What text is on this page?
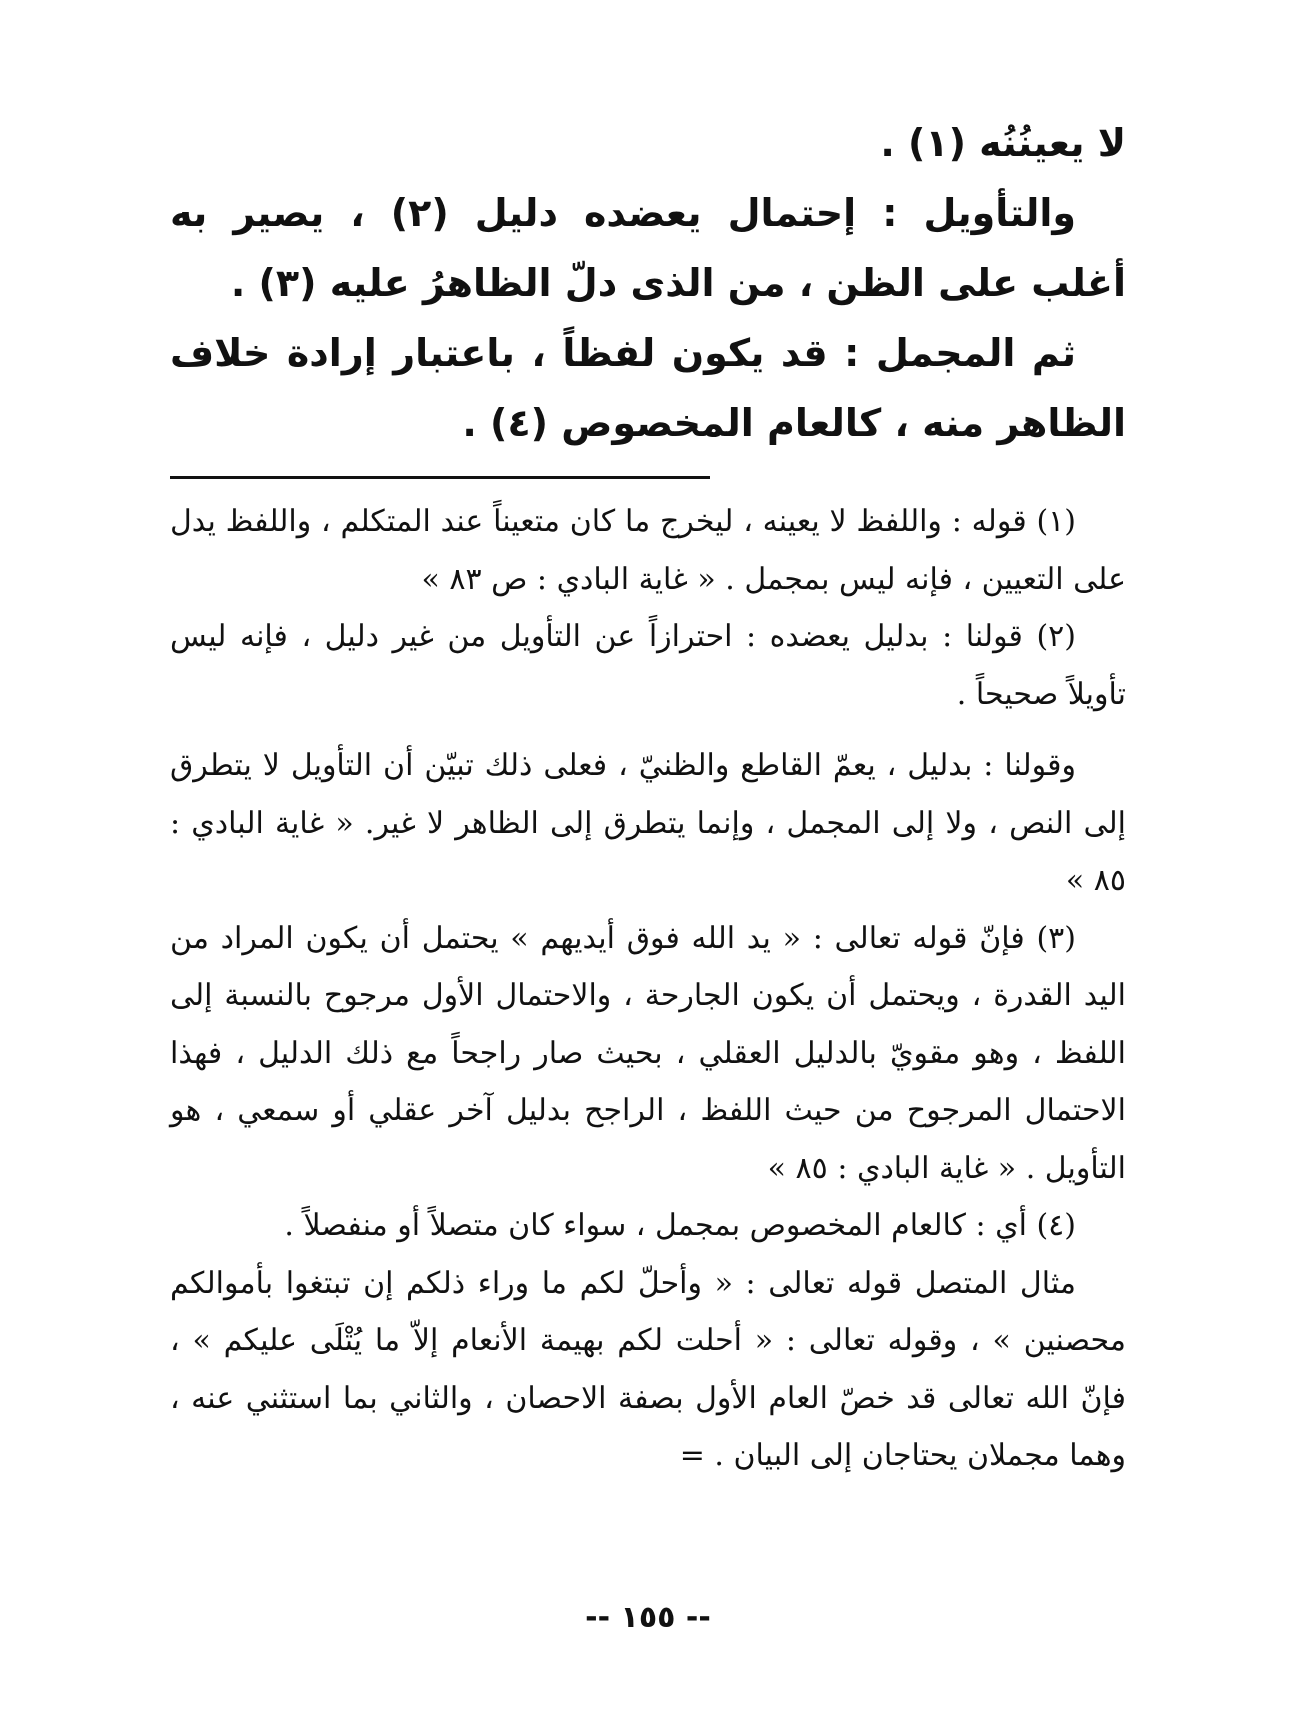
لا يعينُنُه (١) .

والتأويل : إحتمال يعضده دليل (٢) ، يصير به أغلب على الظن ، من الذى دلّ الظاهرُ عليه (٣) .

ثم المجمل : قد يكون لفظاً ، باعتبار إرادة خلاف الظاهر منه ، كالعام المخصوص (٤) .

(١) قوله : واللفظ لا يعينه ، ليخرج ما كان متعيناً عند المتكلم ، واللفظ يدل على التعيين ، فإنه ليس بمجمل . « غاية البادي : ص ٨٣ »

(٢) قولنا : بدليل يعضده : احترازاً عن التأويل من غير دليل ، فإنه ليس تأويلاً صحيحاً .

وقولنا : بدليل ، يعمّ القاطع والظنيّ ، فعلى ذلك تبيّن أن التأويل لا يتطرق إلى النص ، ولا إلى المجمل ، وإنما يتطرق إلى الظاهر لا غير. « غاية البادي : ٨٥ »

(٣) فإنّ قوله تعالى : « يد الله فوق أيديهم » يحتمل أن يكون المراد من اليد القدرة ، ويحتمل أن يكون الجارحة ، والاحتمال الأول مرجوح بالنسبة إلى اللفظ ، وهو مقويّ بالدليل العقلي ، بحيث صار راجحاً مع ذلك الدليل ، فهذا الاحتمال المرجوح من حيث اللفظ ، الراجح بدليل آخر عقلي أو سمعي ، هو التأويل . « غاية البادي : ٨٥ »

(٤) أي : كالعام المخصوص بمجمل ، سواء كان متصلاً أو منفصلاً .

مثال المتصل قوله تعالى : « وأحلّ لكم ما وراء ذلكم إن تبتغوا بأموالكم محصنين » ، وقوله تعالى : « أحلت لكم بهيمة الأنعام إلاّ ما يُتْلَى عليكم » ، فإنّ الله تعالى قد خصّ العام الأول بصفة الاحصان ، والثاني بما استثني عنه ، وهما مجملان يحتاجان إلى البيان . =

-- ١٥٥ --
